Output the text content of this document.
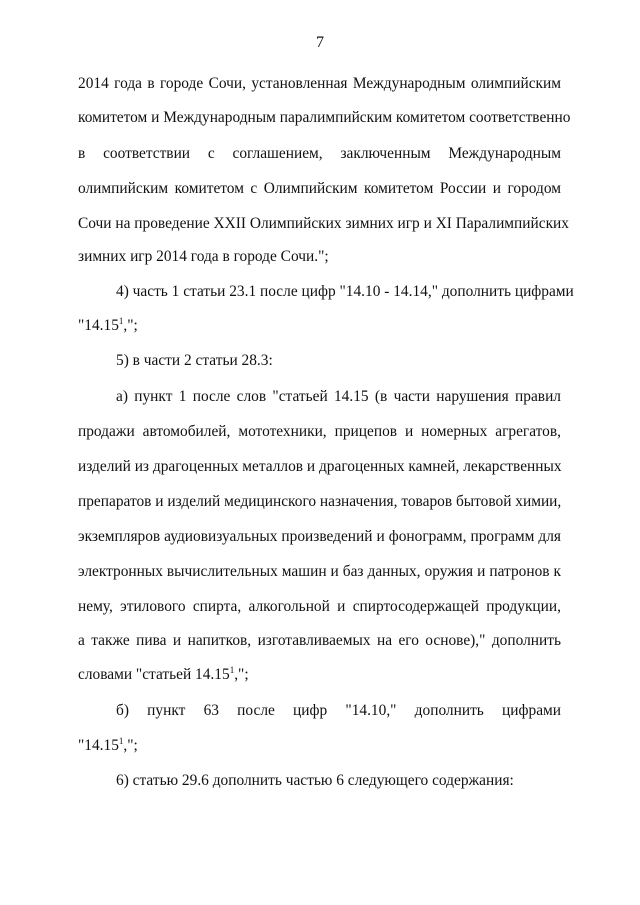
7
2014 года в городе Сочи, установленная Международным олимпийским
комитетом и Международным паралимпийским комитетом соответственно
в соответствии с соглашением, заключенным Международным
олимпийским комитетом с Олимпийским комитетом России и городом
Сочи на проведение XXII Олимпийских зимних игр и XI Паралимпийских
зимних игр 2014 года в городе Сочи.";
4) часть 1 статьи 23.1 после цифр "14.10 - 14.14," дополнить цифрами
"14.15$^1$,";
5) в части 2 статьи 28.3:
а) пункт 1 после слов "статьей 14.15 (в части нарушения правил
продажи автомобилей, мототехники, прицепов и номерных агрегатов,
изделий из драгоценных металлов и драгоценных камней, лекарственных
препаратов и изделий медицинского назначения, товаров бытовой химии,
экземпляров аудиовизуальных произведений и фонограмм, программ для
электронных вычислительных машин и баз данных, оружия и патронов к
нему, этилового спирта, алкогольной и спиртосодержащей продукции,
а также пива и напитков, изготавливаемых на его основе)," дополнить
словами "статьей 14.15$^1$,";
б) пункт 63 после цифр "14.10," дополнить цифрами
"14.15$^1$,";
6) статью 29.6 дополнить частью 6 следующего содержания:
